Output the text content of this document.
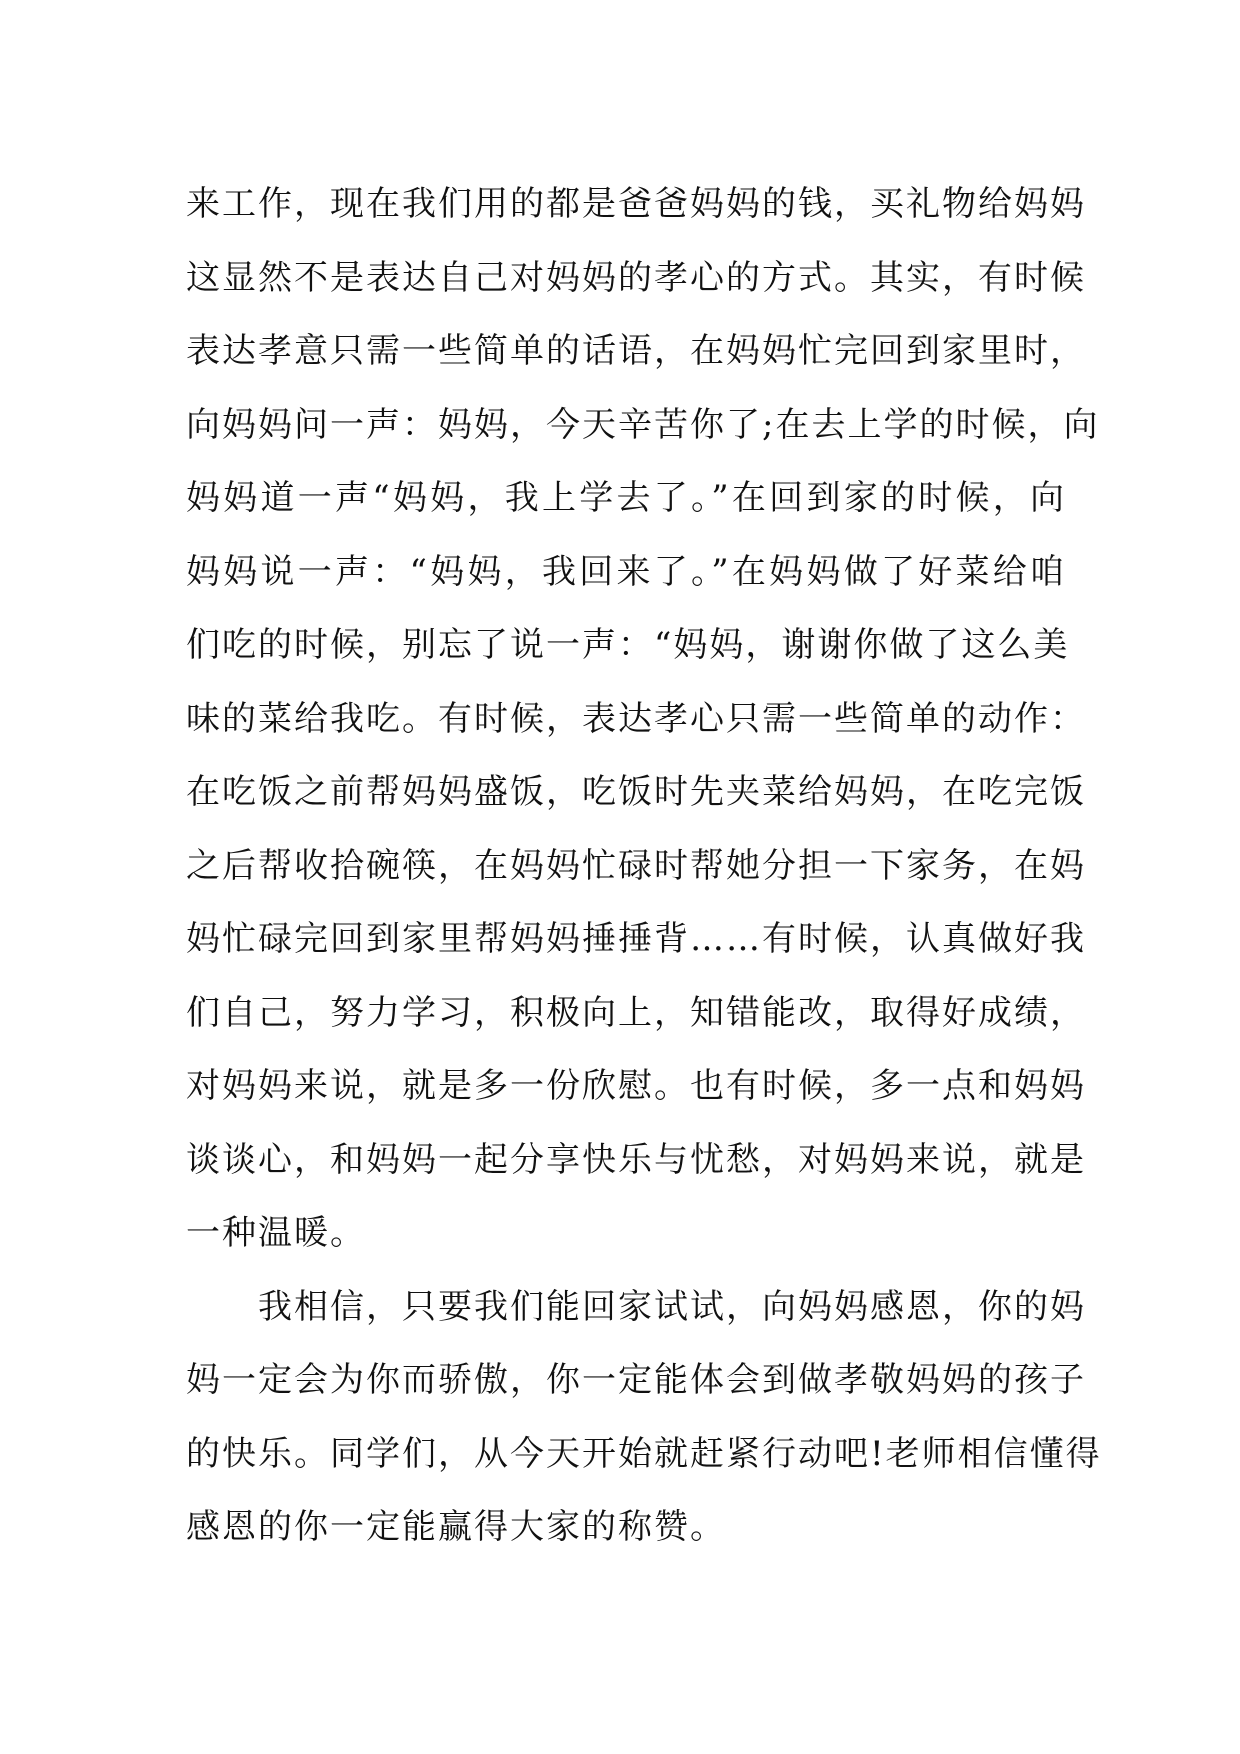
来工作，现在我们用的都是爸爸妈妈的钱，买礼物给妈妈
这显然不是表达自己对妈妈的孝心的方式。其实，有时候
表达孝意只需一些简单的话语，在妈妈忙完回到家里时，
向妈妈问一声：妈妈，今天辛苦你了;在去上学的时候，向
妈妈道一声“妈妈，我上学去了。”在回到家的时候，向
妈妈说一声：“妈妈，我回来了。”在妈妈做了好菜给咱
们吃的时候，别忘了说一声：“妈妈，谢谢你做了这么美
味的菜给我吃。有时候，表达孝心只需一些简单的动作：
在吃饭之前帮妈妈盛饭，吃饭时先夹菜给妈妈，在吃完饭
之后帮收拾碗筷，在妈妈忙碌时帮她分担一下家务，在妈
妈忙碌完回到家里帮妈妈捶捶背……有时候，认真做好我
们自己，努力学习，积极向上，知错能改，取得好成绩，
对妈妈来说，就是多一份欣慰。也有时候，多一点和妈妈
谈谈心，和妈妈一起分享快乐与忧愁，对妈妈来说，就是
一种温暖。
我相信，只要我们能回家试试，向妈妈感恩，你的妈
妈一定会为你而骄傲，你一定能体会到做孝敬妈妈的孩子
的快乐。同学们，从今天开始就赶紧行动吧!老师相信懂得
感恩的你一定能赢得大家的称赞。
